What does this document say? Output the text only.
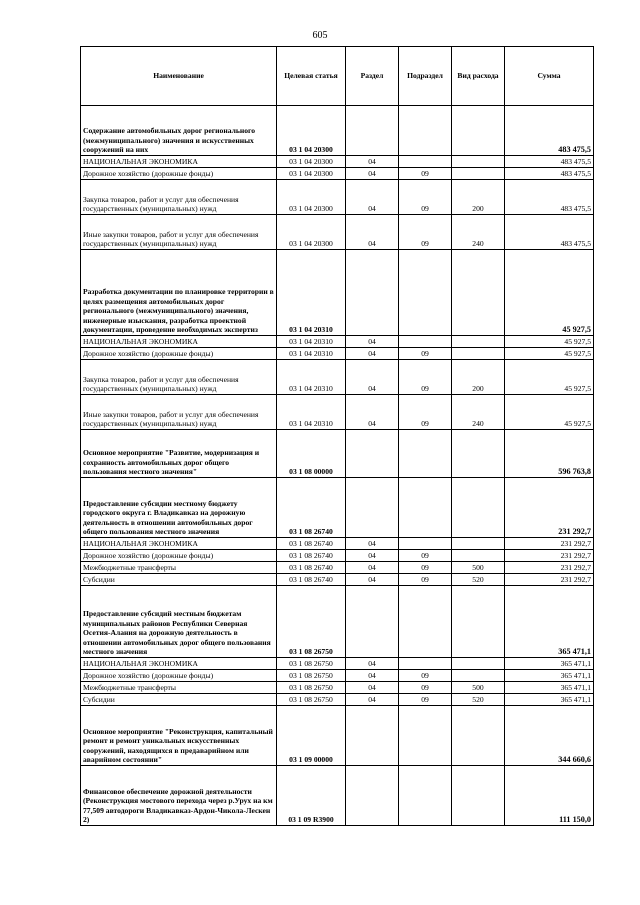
605
Наименование	Целевая статья	Раздел	Подраздел	Вид расхода	Сумма
Содержание автомобильных дорог регионального (межмуниципального) значения и искусственных сооружений на них	03 1 04 20300				483 475,5
НАЦИОНАЛЬНАЯ ЭКОНОМИКА	03 1 04 20300	04			483 475,5
Дорожное хозяйство (дорожные фонды)	03 1 04 20300	04	09		483 475,5
Закупка товаров, работ и услуг для обеспечения государственных (муниципальных) нужд	03 1 04 20300	04	09	200	483 475,5
Иные закупки товаров, работ и услуг для обеспечения государственных (муниципальных) нужд	03 1 04 20300	04	09	240	483 475,5
Разработка документации по планировке территории в целях размещения автомобильных дорог регионального (межмуниципального) значения, инженерные изыскания, разработка проектной документации, проведение необходимых экспертиз	03 1 04 20310				45 927,5
НАЦИОНАЛЬНАЯ ЭКОНОМИКА	03 1 04 20310	04			45 927,5
Дорожное хозяйство (дорожные фонды)	03 1 04 20310	04	09		45 927,5
Закупка товаров, работ и услуг для обеспечения государственных (муниципальных) нужд	03 1 04 20310	04	09	200	45 927,5
Иные закупки товаров, работ и услуг для обеспечения государственных (муниципальных) нужд	03 1 04 20310	04	09	240	45 927,5
Основное мероприятие "Развитие, модернизация и сохранность автомобильных дорог общего пользования местного значения"	03 1 08 00000				596 763,8
Предоставление субсидии местному бюджету городского округа г. Владикавказ на дорожную деятельность в отношении автомобильных дорог общего пользования местного значения	03 1 08 26740				231 292,7
НАЦИОНАЛЬНАЯ ЭКОНОМИКА	03 1 08 26740	04			231 292,7
Дорожное хозяйство (дорожные фонды)	03 1 08 26740	04	09		231 292,7
Межбюджетные трансферты	03 1 08 26740	04	09	500	231 292,7
Субсидии	03 1 08 26740	04	09	520	231 292,7
Предоставление субсидий местным бюджетам муниципальных районов Республики Северная Осетия-Алания на дорожную деятельность в отношении автомобильных дорог общего пользования местного значения	03 1 08 26750				365 471,1
НАЦИОНАЛЬНАЯ ЭКОНОМИКА	03 1 08 26750	04			365 471,1
Дорожное хозяйство (дорожные фонды)	03 1 08 26750	04	09		365 471,1
Межбюджетные трансферты	03 1 08 26750	04	09	500	365 471,1
Субсидии	03 1 08 26750	04	09	520	365 471,1
Основное мероприятие "Реконструкция, капитальный ремонт и ремонт уникальных искусственных сооружений, находящихся в предаварийном или аварийном состоянии"	03 1 09 00000				344 660,6
Финансовое обеспечение дорожной деятельности (Реконструкция мостового перехода через р.Урух на км 77,509 автодороги Владикавказ-Ардон-Чикола-Лескен 2)	03 1 09 R3900				111 150,0
